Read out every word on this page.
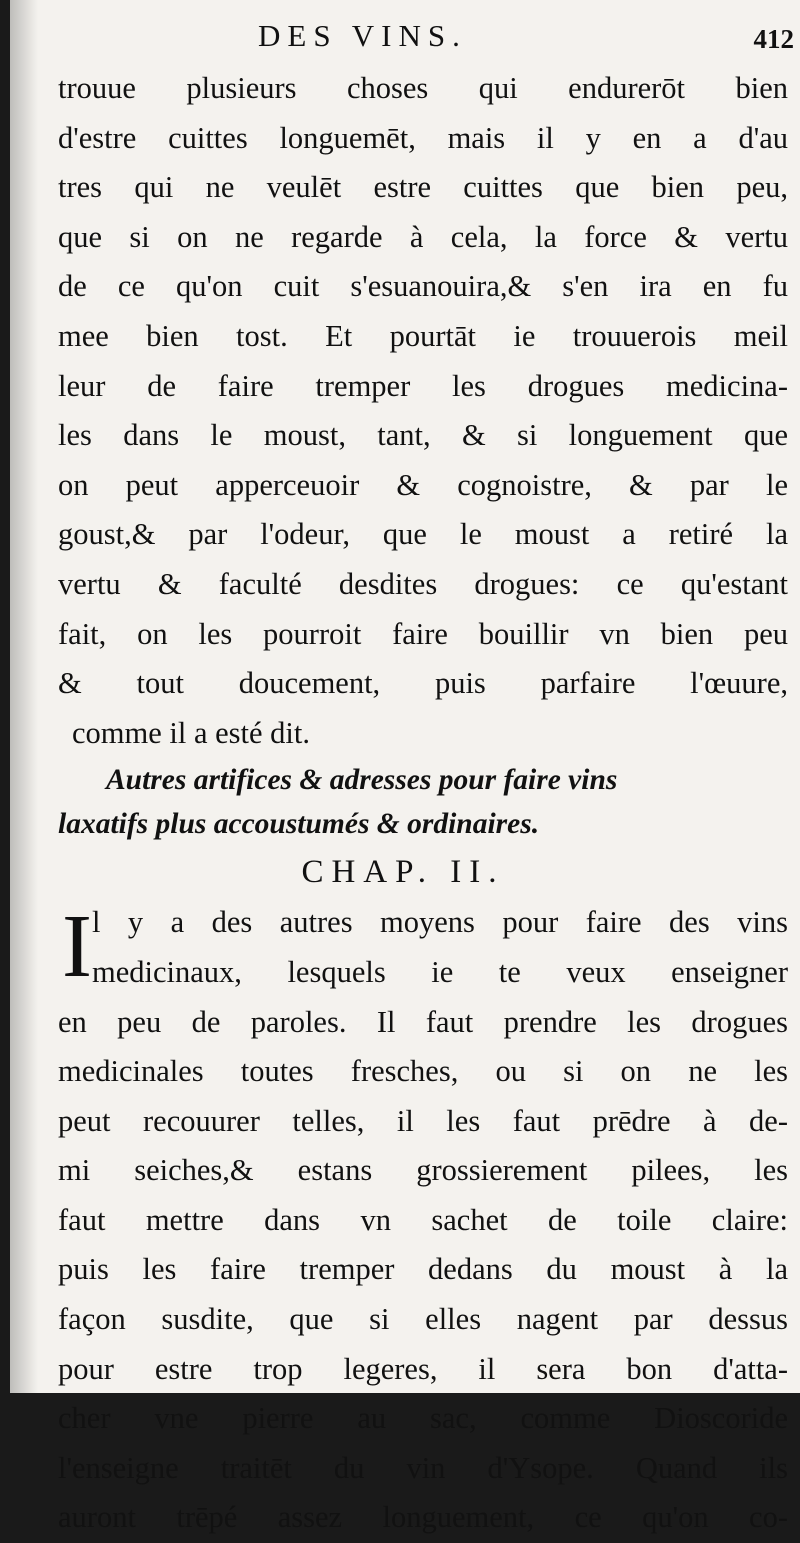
DES VINS.	412
trouue plusieurs choses qui endurerōt bien
d'estre cuittes longuemēt, mais il y en a d'au
tres qui ne veulēt estre cuittes que bien peu,
que si on ne regarde à cela, la force & vertu
de ce qu'on cuit s'esuanouira,& s'en ira en fu
mee bien tost. Et pourtāt ie trouuerois meil
leur de faire tremper les drogues medicina-
les dans le moust, tant, & si longuement que
on peut apperceuoir & cognoistre, & par le
goust,& par l'odeur, que le moust a retiré la
vertu & faculté desdites drogues: ce qu'estant
fait, on les pourroit faire bouillir vn bien peu
& tout doucement, puis parfaire l'œuure,
comme il a esté dit.
Autres artifices & adresses pour faire vins
laxatifs plus accoustumés & ordinaires.
CHAP. II.
I l y a des autres moyens pour faire des vins
medicinaux, lesquels ie te veux enseigner
en peu de paroles. Il faut prendre les drogues
medicinales toutes fresches, ou si on ne les
peut recouurer telles, il les faut prēdre à de-
mi seiches,& estans grossierement pilees, les
faut mettre dans vn sachet de toile claire:
puis les faire tremper dedans du moust à la
façon susdite, que si elles nagent par dessus
pour estre trop legeres, il sera bon d'atta-
cher vne pierre au sac, comme Dioscoride
l'enseigne traitēt du vin d'Ysope. Quand ils
auront trēpé assez longuement, ce qu'on co-
